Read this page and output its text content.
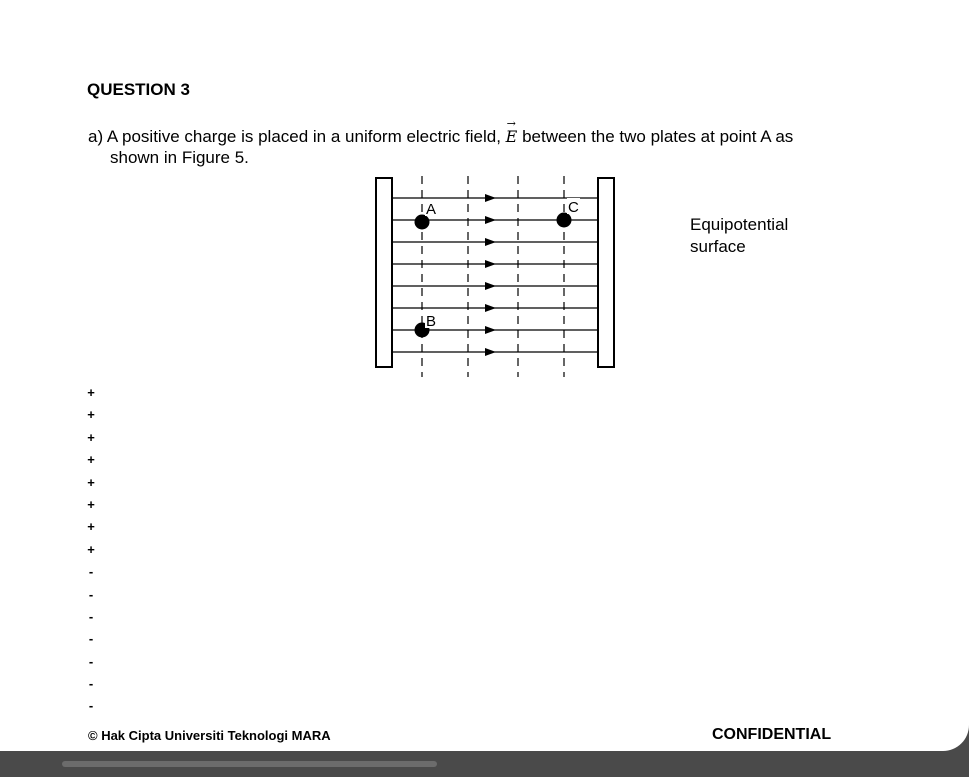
QUESTION 3
a) A positive charge is placed in a uniform electric field,
→
E between the two plates at point A as
shown in Figure 5.
A	C
B
Equipotential
surface
+
+
+
+
+
+
+
+
-
-
-
-
-
-
-
© Hak Cipta Universiti Teknologi MARA	CONFIDENTIAL
